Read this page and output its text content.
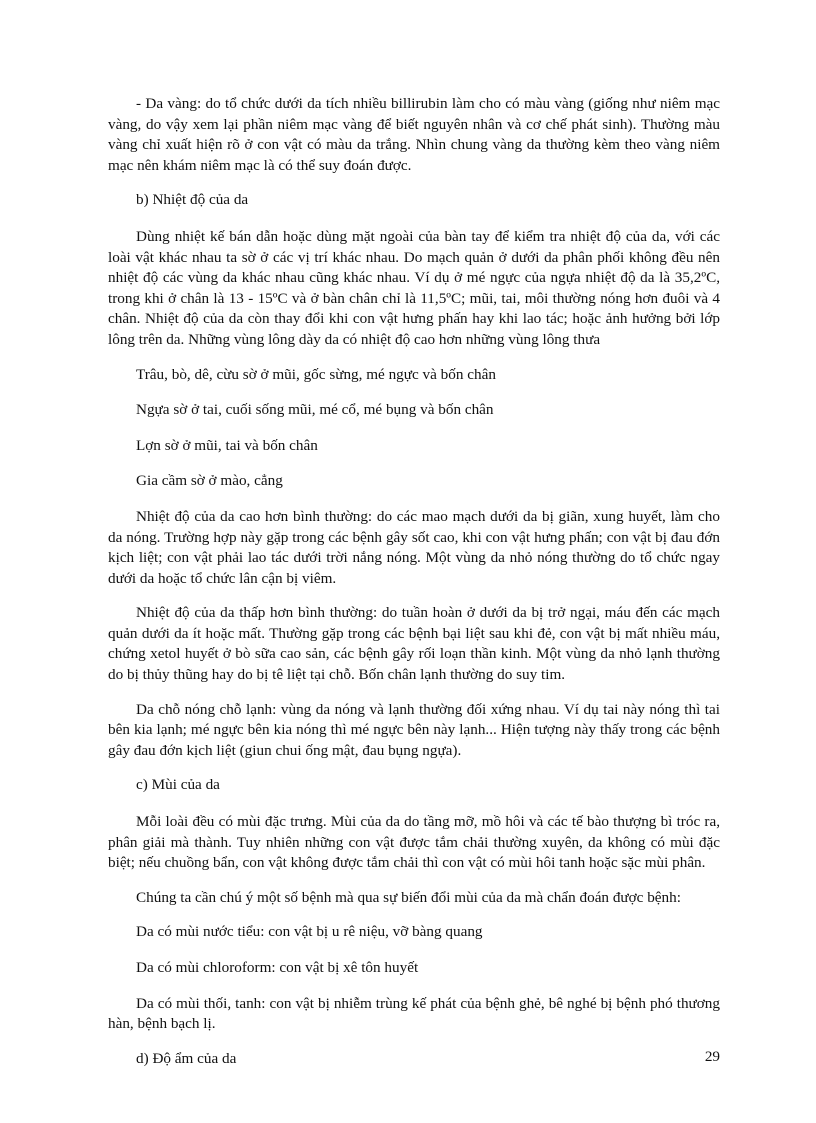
- Da vàng: do tổ chức dưới da tích nhiều billirubin làm cho có màu vàng (giống như niêm mạc vàng, do vậy xem lại phần niêm mạc vàng để biết nguyên nhân và cơ chế phát sinh). Thường màu vàng chỉ xuất hiện rõ ở con vật có màu da trắng. Nhìn chung vàng da thường kèm theo vàng niêm mạc nên khám niêm mạc là có thể suy đoán được.

b) Nhiệt độ của da

Dùng nhiệt kế bán dẫn hoặc dùng mặt ngoài của bàn tay để kiểm tra nhiệt độ của da, với các loài vật khác nhau ta sờ ở các vị trí khác nhau. Do mạch quản ở dưới da phân phối không đều nên nhiệt độ các vùng da khác nhau cũng khác nhau. Ví dụ ở mé ngực của ngựa nhiệt độ da là 35,2ºC, trong khi ở chân là 13 - 15ºC và ở bàn chân chỉ là 11,5ºC; mũi, tai, môi thường nóng hơn đuôi và 4 chân. Nhiệt độ của da còn thay đổi khi con vật hưng phấn hay khi lao tác; hoặc ảnh hưởng bởi lớp lông trên da. Những vùng lông dày da có nhiệt độ cao hơn những vùng lông thưa

Trâu, bò, dê, cừu sờ ở mũi, gốc sừng, mé ngực và bốn chân
Ngựa sờ ở tai, cuối sống mũi, mé cổ, mé bụng và bốn chân
Lợn sờ ở mũi, tai và bốn chân
Gia cầm sờ ở mào, cẳng

Nhiệt độ của da cao hơn bình thường: do các mao mạch dưới da bị giãn, xung huyết, làm cho da nóng. Trường hợp này gặp trong các bệnh gây sốt cao, khi con vật hưng phấn; con vật bị đau đớn kịch liệt; con vật phải lao tác dưới trời nắng nóng. Một vùng da nhỏ nóng thường do tổ chức ngay dưới da hoặc tổ chức lân cận bị viêm.

Nhiệt độ của da thấp hơn bình thường: do tuần hoàn ở dưới da bị trở ngại, máu đến các mạch quản dưới da ít hoặc mất. Thường gặp trong các bệnh bại liệt sau khi đẻ, con vật bị mất nhiều máu, chứng xetol huyết ở bò sữa cao sản, các bệnh gây rối loạn thần kinh. Một vùng da nhỏ lạnh thường do bị thủy thũng hay do bị tê liệt tại chỗ. Bốn chân lạnh thường do suy tim.

Da chỗ nóng chỗ lạnh: vùng da nóng và lạnh thường đối xứng nhau. Ví dụ tai này nóng thì tai bên kia lạnh; mé ngực bên kia nóng thì mé ngực bên này lạnh... Hiện tượng này thấy trong các bệnh gây đau đớn kịch liệt (giun chui ống mật, đau bụng ngựa).

c) Mùi của da

Mỗi loài đều có mùi đặc trưng. Mùi của da do tầng mỡ, mồ hôi và các tế bào thượng bì tróc ra, phân giải mà thành. Tuy nhiên những con vật được tắm chải thường xuyên, da không có mùi đặc biệt; nếu chuồng bẩn, con vật không được tắm chải thì con vật có mùi hôi tanh hoặc sặc mùi phân.

Chúng ta cần chú ý một số bệnh mà qua sự biến đổi mùi của da mà chẩn đoán được bệnh:

Da có mùi nước tiểu: con vật bị u rê niệu, vỡ bàng quang
Da có mùi chloroform: con vật bị xê tôn huyết

Da có mùi thối, tanh: con vật bị nhiễm trùng kế phát của bệnh ghẻ, bê nghé bị bệnh phó thương hàn, bệnh bạch lị.

d) Độ ẩm của da	29
